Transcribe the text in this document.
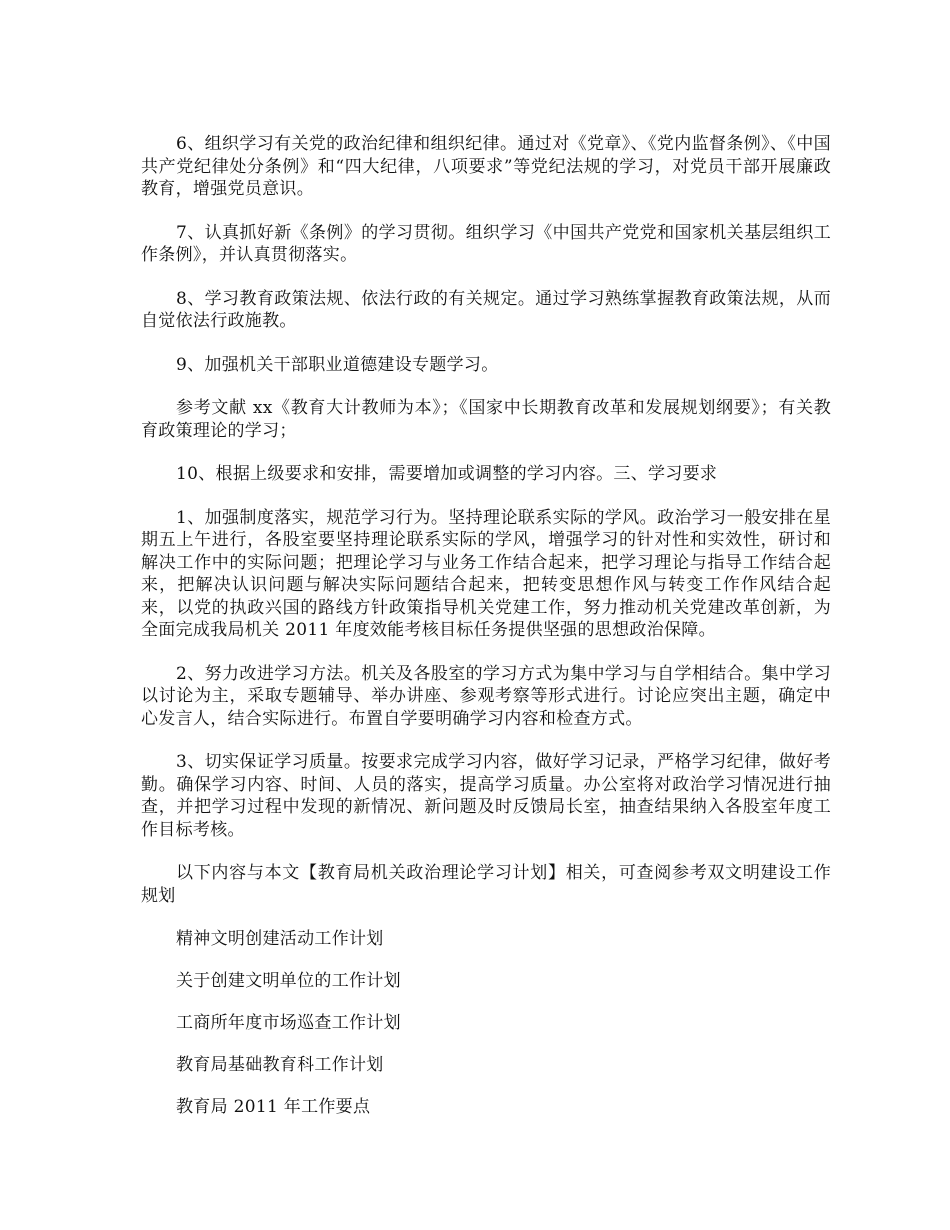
6、组织学习有关党的政治纪律和组织纪律。通过对《党章》、《党内监督条例》、《中国共产党纪律处分条例》和“四大纪律，八项要求”等党纪法规的学习，对党员干部开展廉政教育，增强党员意识。

7、认真抓好新《条例》的学习贯彻。组织学习《中国共产党党和国家机关基层组织工作条例》，并认真贯彻落实。

8、学习教育政策法规、依法行政的有关规定。通过学习熟练掌握教育政策法规，从而自觉依法行政施教。

9、加强机关干部职业道德建设专题学习。

参考文献 xx《教育大计教师为本》；《国家中长期教育改革和发展规划纲要》；有关教育政策理论的学习；

10、根据上级要求和安排，需要增加或调整的学习内容。三、学习要求

1、加强制度落实，规范学习行为。坚持理论联系实际的学风。政治学习一般安排在星期五上午进行，各股室要坚持理论联系实际的学风，增强学习的针对性和实效性，研讨和解决工作中的实际问题；把理论学习与业务工作结合起来，把学习理论与指导工作结合起来，把解决认识问题与解决实际问题结合起来，把转变思想作风与转变工作作风结合起来，以党的执政兴国的路线方针政策指导机关党建工作，努力推动机关党建改革创新，为全面完成我局机关 2011 年度效能考核目标任务提供坚强的思想政治保障。

2、努力改进学习方法。机关及各股室的学习方式为集中学习与自学相结合。集中学习以讨论为主，采取专题辅导、举办讲座、参观考察等形式进行。讨论应突出主题，确定中心发言人，结合实际进行。布置自学要明确学习内容和检查方式。

3、切实保证学习质量。按要求完成学习内容，做好学习记录，严格学习纪律，做好考勤。确保学习内容、时间、人员的落实，提高学习质量。办公室将对政治学习情况进行抽查，并把学习过程中发现的新情况、新问题及时反馈局长室，抽查结果纳入各股室年度工作目标考核。

以下内容与本文【教育局机关政治理论学习计划】相关，可查阅参考双文明建设工作规划

精神文明创建活动工作计划

关于创建文明单位的工作计划

工商所年度市场巡查工作计划

教育局基础教育科工作计划

教育局 2011 年工作要点
